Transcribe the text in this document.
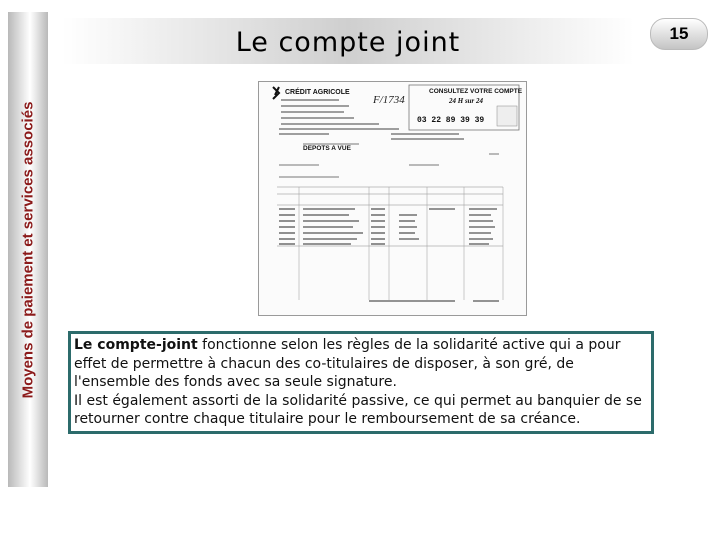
Moyens de paiement et services associés
Le compte joint	15
CRÉDIT AGRICOLE	CONSULTEZ VOTRE COMPTE
24 H sur 24
03 22 89 39 39
F/1734
DEPOTS A VUE

Le compte-joint fonctionne selon les règles de la solidarité active qui a pour effet de permettre à chacun des co-titulaires de disposer, à son gré, de l'ensemble des fonds avec sa seule signature.

Il est également assorti de la solidarité passive, ce qui permet au banquier de se retourner contre chaque titulaire pour le remboursement de sa créance.
